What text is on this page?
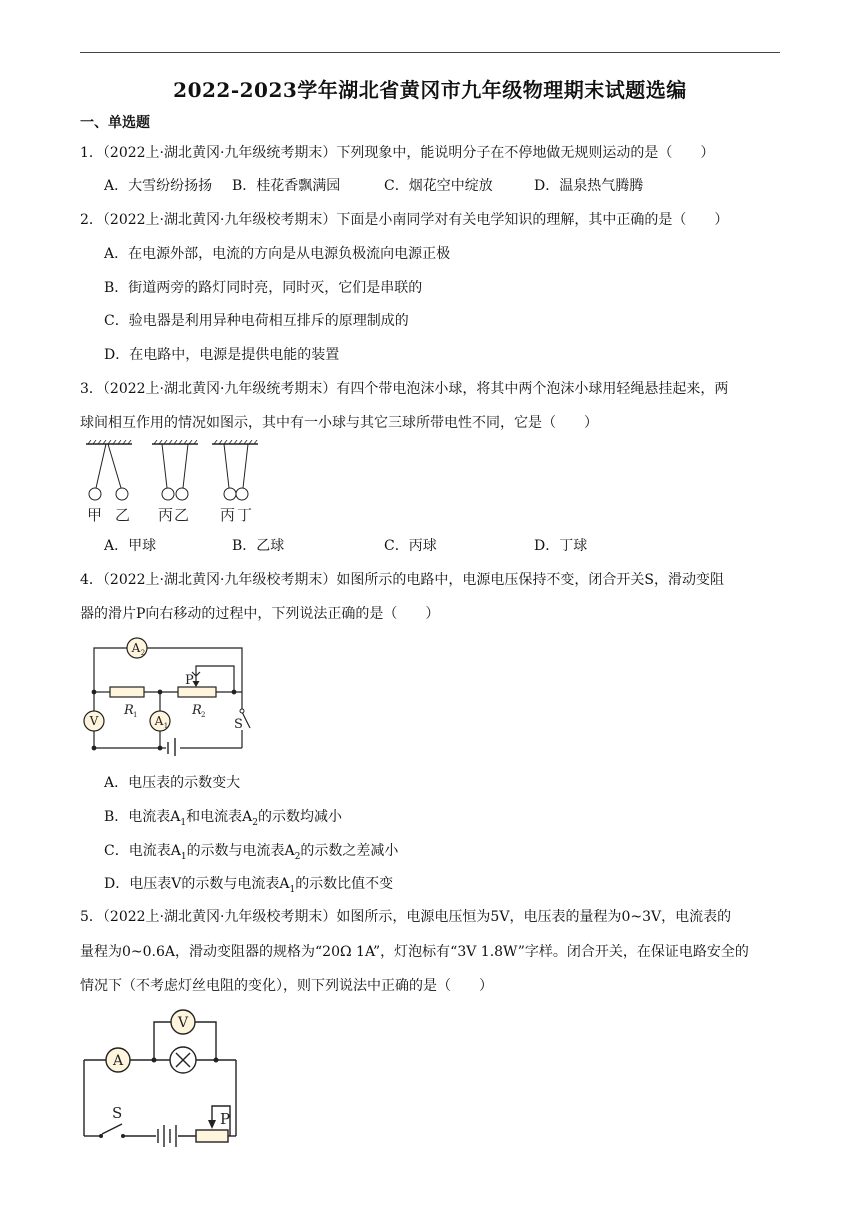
2022-2023学年湖北省黄冈市九年级物理期末试题选编
一、单选题
1．（2022上·湖北黄冈·九年级统考期末）下列现象中，能说明分子在不停地做无规则运动的是（　　）
A．大雪纷纷扬扬 B．桂花香飘满园	C．烟花空中绽放	D．温泉热气腾腾
2．（2022上·湖北黄冈·九年级校考期末）下面是小南同学对有关电学知识的理解，其中正确的是（　　）
A．在电源外部，电流的方向是从电源负极流向电源正极
B．街道两旁的路灯同时亮，同时灭，它们是串联的
C．验电器是利用异种电荷相互排斥的原理制成的
D．在电路中，电源是提供电能的装置
3．（2022上·湖北黄冈·九年级统考期末）有四个带电泡沫小球，将其中两个泡沫小球用轻绳悬挂起来，两
球间相互作用的情况如图示，其中有一小球与其它三球所带电性不同，它是（　　）
甲 乙 丙 乙 丙 丁
A．甲球	B．乙球	C．丙球	D．丁球
4．（2022上·湖北黄冈·九年级校考期末）如图所示的电路中，电源电压保持不变，闭合开关S，滑动变阻
器的滑片P向右移动的过程中，下列说法正确的是（　　）
A 2
V	A 1
R 1	R 2
P
S
A．电压表的示数变大
B．电流表$A_1$和电流表$A_2$的示数均减小
C．电流表$A_1$的示数与电流表$A_2$的示数之差减小
D．电压表V的示数与电流表$A_1$的示数比值不变
5．（2022上·湖北黄冈·九年级校考期末）如图所示，电源电压恒为5V，电压表的量程为0~3V，电流表的
量程为0~0.6A，滑动变阻器的规格为“20Ω 1A”，灯泡标有“3V 1.8W”字样。闭合开关，在保证电路安全的
情况下（不考虑灯丝电阻的变化），则下列说法中正确的是（　　）
A
V
S	P
